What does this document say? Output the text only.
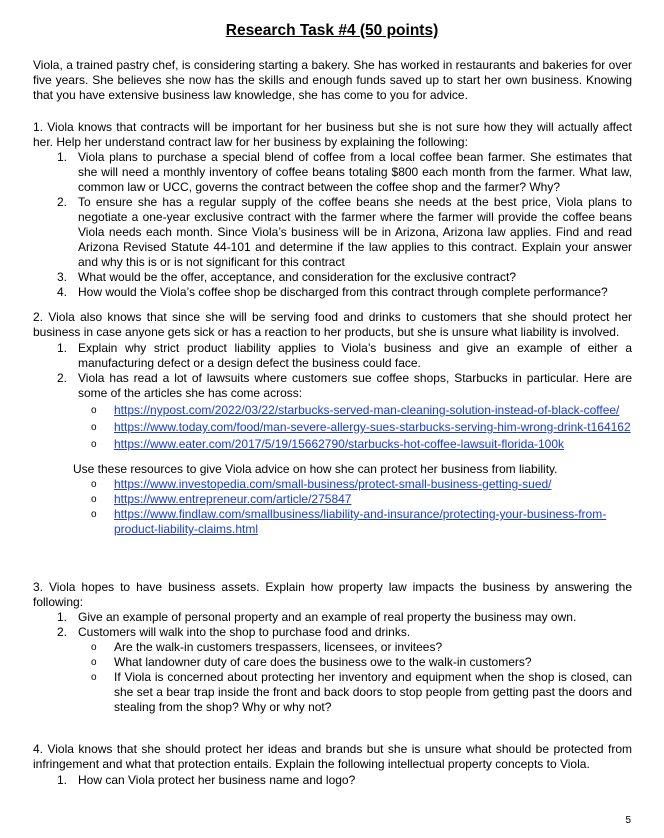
Research Task #4 (50 points)
Viola, a trained pastry chef, is considering starting a bakery. She has worked in restaurants and bakeries for over five years. She believes she now has the skills and enough funds saved up to start her own business. Knowing that you have extensive business law knowledge, she has come to you for advice.
1. Viola knows that contracts will be important for her business but she is not sure how they will actually affect her. Help her understand contract law for her business by explaining the following:
1. Viola plans to purchase a special blend of coffee from a local coffee bean farmer. She estimates that she will need a monthly inventory of coffee beans totaling $800 each month from the farmer. What law, common law or UCC, governs the contract between the coffee shop and the farmer? Why?
2. To ensure she has a regular supply of the coffee beans she needs at the best price, Viola plans to negotiate a one-year exclusive contract with the farmer where the farmer will provide the coffee beans Viola needs each month. Since Viola’s business will be in Arizona, Arizona law applies. Find and read Arizona Revised Statute 44-101 and determine if the law applies to this contract. Explain your answer and why this is or is not significant for this contract
3. What would be the offer, acceptance, and consideration for the exclusive contract?
4. How would the Viola’s coffee shop be discharged from this contract through complete performance?
2. Viola also knows that since she will be serving food and drinks to customers that she should protect her business in case anyone gets sick or has a reaction to her products, but she is unsure what liability is involved.
1. Explain why strict product liability applies to Viola’s business and give an example of either a manufacturing defect or a design defect the business could face.
2. Viola has read a lot of lawsuits where customers sue coffee shops, Starbucks in particular. Here are some of the articles she has come across:
o https://nypost.com/2022/03/22/starbucks-served-man-cleaning-solution-instead-of-black-coffee/
o https://www.today.com/food/man-severe-allergy-sues-starbucks-serving-him-wrong-drink-t164162
o https://www.eater.com/2017/5/19/15662790/starbucks-hot-coffee-lawsuit-florida-100k
Use these resources to give Viola advice on how she can protect her business from liability.
o https://www.investopedia.com/small-business/protect-small-business-getting-sued/
o https://www.entrepreneur.com/article/275847
o https://www.findlaw.com/smallbusiness/liability-and-insurance/protecting-your-business-from-product-liability-claims.html
3. Viola hopes to have business assets. Explain how property law impacts the business by answering the following:
1. Give an example of personal property and an example of real property the business may own.
2. Customers will walk into the shop to purchase food and drinks.
o Are the walk-in customers trespassers, licensees, or invitees?
o What landowner duty of care does the business owe to the walk-in customers?
o If Viola is concerned about protecting her inventory and equipment when the shop is closed, can she set a bear trap inside the front and back doors to stop people from getting past the doors and stealing from the shop? Why or why not?
4. Viola knows that she should protect her ideas and brands but she is unsure what should be protected from infringement and what that protection entails. Explain the following intellectual property concepts to Viola.
1. How can Viola protect her business name and logo?
5
